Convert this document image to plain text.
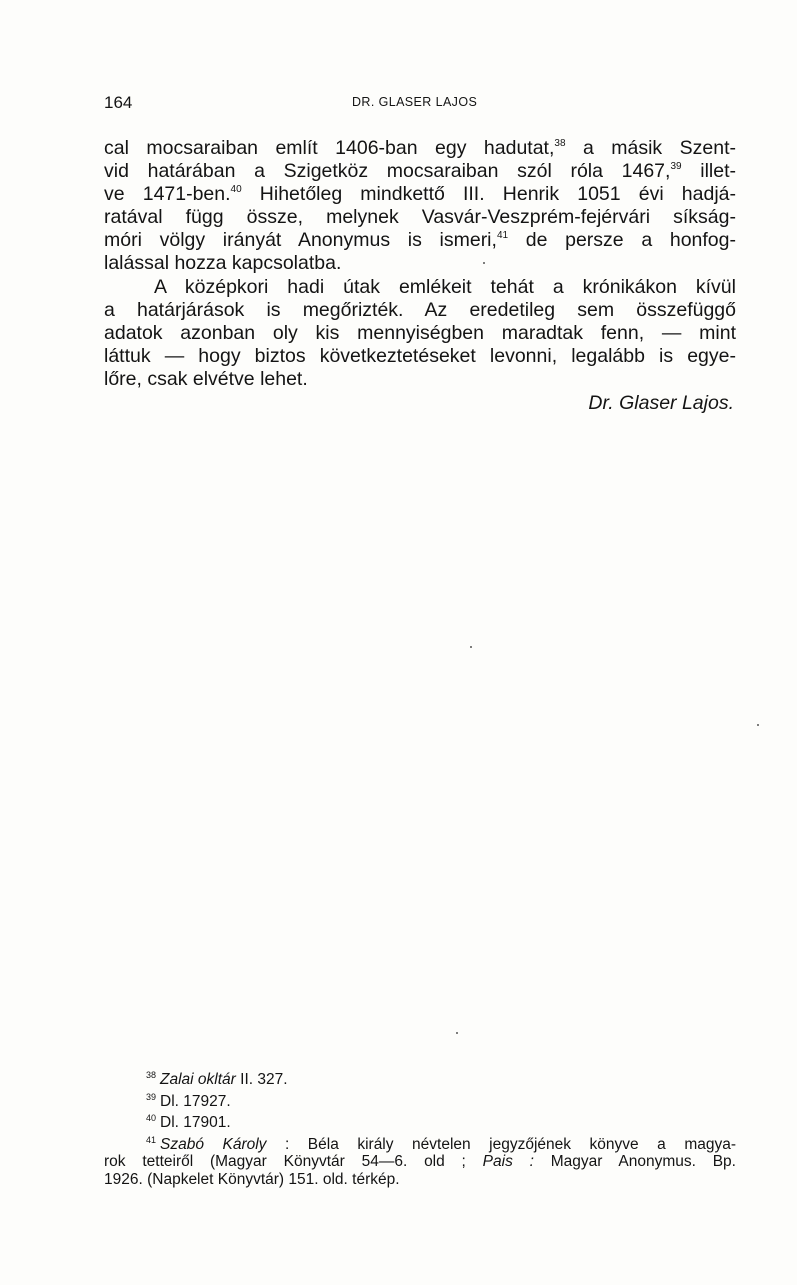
164	DR. GLASER LAJOS
cal mocsaraiban említ 1406-ban egy hadutat,$^{38}$ a másik Szent-
vid határában a Szigetköz mocsaraiban szól róla 1467,39 illet-
ve 1471-ben.$^{40}$ Hihetőleg mindkettő III. Henrik 1051 évi hadjá-
ratával függ össze, melynek Vasvár-Veszprém-fejérvári síkság-
móri völgy irányát Anonymus is ismeri,$^{41}$ de persze a honfog-
lalással hozza kapcsolatba.
A középkori hadi útak emlékeit tehát a krónikákon kívül
a határjárások is megőrizték. Az eredetileg sem összefüggő
adatok azonban oly kis mennyiségben maradtak fenn, — mint
láttuk — hogy biztos következtetéseket levonni, legalább is egye-
lőre, csak elvétve lehet.
Dr. Glaser Lajos.
$^{38}$ Zalai okltár II. 327.
$^{39}$ Dl. 17927.
$^{40}$ Dl. 17901.
$^{41}$ Szabó Károly : Béla király névtelen jegyzőjének könyve a magya-
rok tetteiről (Magyar Könyvtár 54—6. old ; Pais : Magyar Anonymus. Bp.
1926. (Napkelet Könyvtár) 151. old. térkép.
